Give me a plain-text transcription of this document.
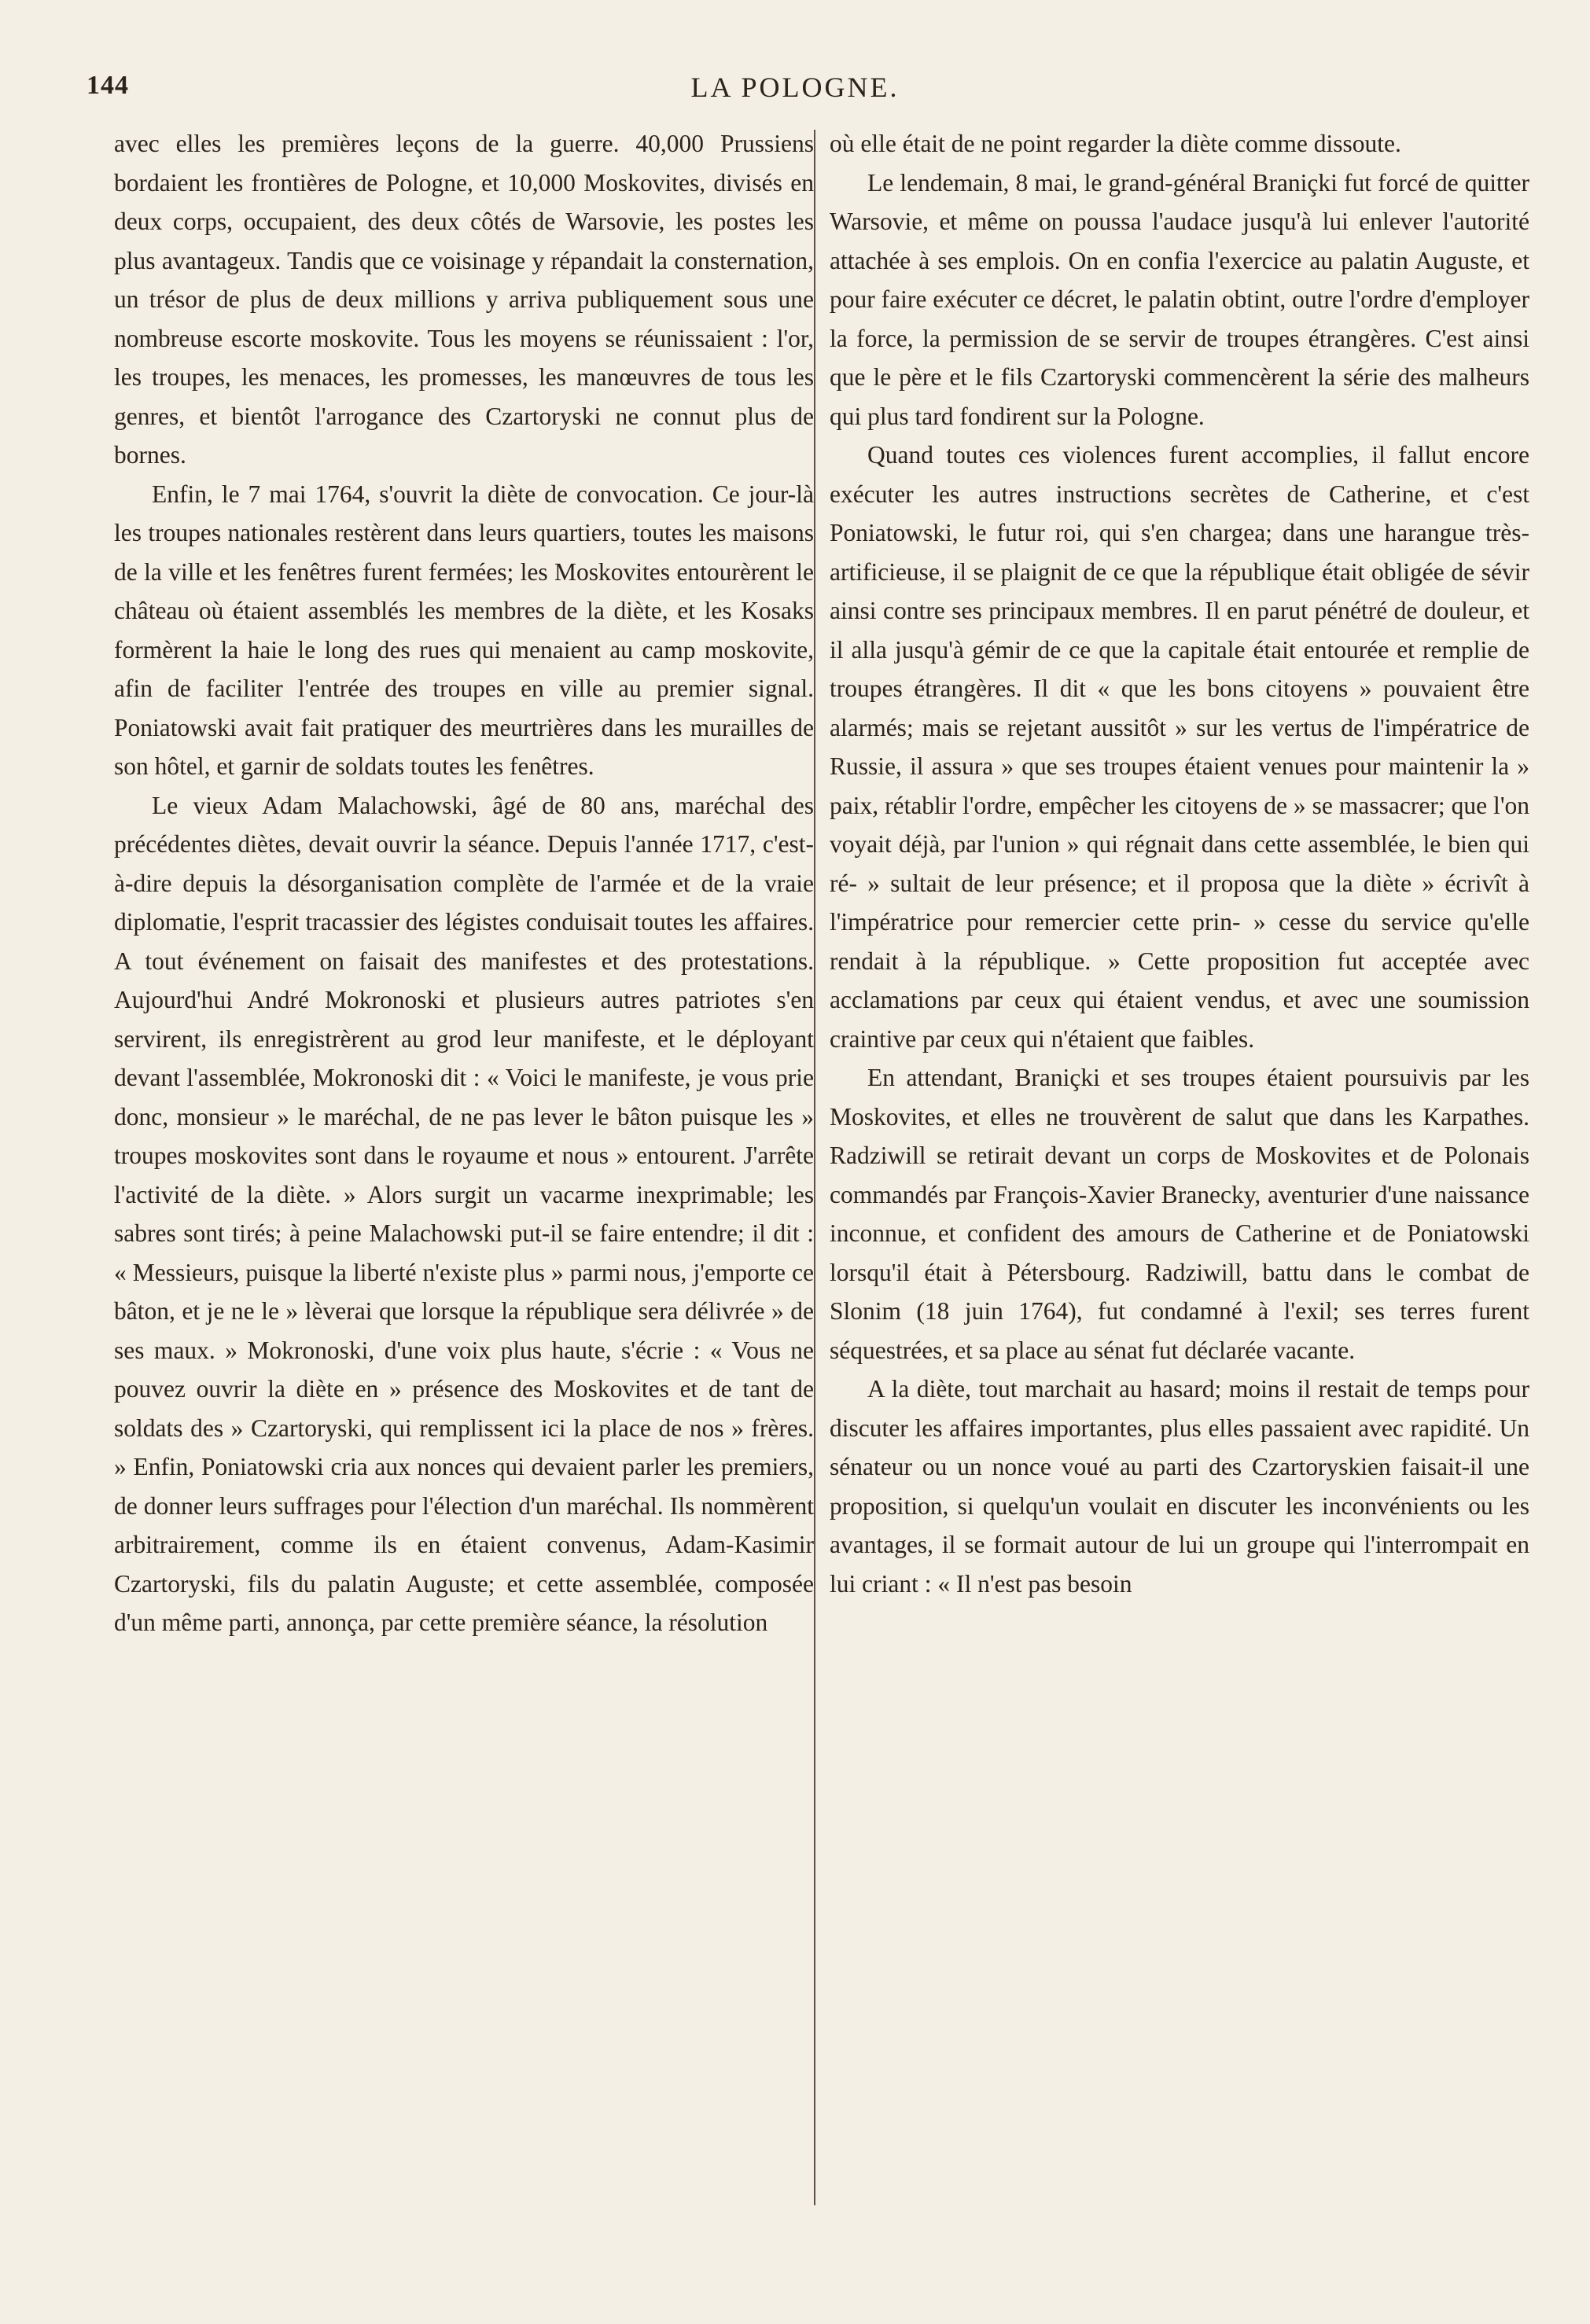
144	LA POLOGNE.

avec elles les premières leçons de la guerre. 40,000 Prussiens bordaient les frontières de Pologne, et 10,000 Moskovites, divisés en deux corps, occupaient, des deux côtés de Warsovie, les postes les plus avantageux. Tandis que ce voisinage y répandait la consternation, un trésor de plus de deux millions y arriva publiquement sous une nombreuse escorte moskovite. Tous les moyens se réunissaient : l'or, les troupes, les menaces, les promesses, les manœuvres de tous les genres, et bientôt l'arrogance des Czartoryski ne connut plus de bornes.

Enfin, le 7 mai 1764, s'ouvrit la diète de convocation. Ce jour-là les troupes nationales restèrent dans leurs quartiers, toutes les maisons de la ville et les fenêtres furent fermées; les Moskovites entourèrent le château où étaient assemblés les membres de la diète, et les Kosaks formèrent la haie le long des rues qui menaient au camp moskovite, afin de faciliter l'entrée des troupes en ville au premier signal. Poniatowski avait fait pratiquer des meurtrières dans les murailles de son hôtel, et garnir de soldats toutes les fenêtres.

Le vieux Adam Malachowski, âgé de 80 ans, maréchal des précédentes diètes, devait ouvrir la séance. Depuis l'année 1717, c'est-à-dire depuis la désorganisation complète de l'armée et de la vraie diplomatie, l'esprit tracassier des légistes conduisait toutes les affaires. A tout événement on faisait des manifestes et des protestations. Aujourd'hui André Mokronoski et plusieurs autres patriotes s'en servirent, ils enregistrèrent au grod leur manifeste, et le déployant devant l'assemblée, Mokronoski dit : « Voici le manifeste, je vous prie donc, monsieur » le maréchal, de ne pas lever le bâton puisque les » troupes moskovites sont dans le royaume et nous » entourent. J'arrête l'activité de la diète. » Alors surgit un vacarme inexprimable; les sabres sont tirés; à peine Malachowski put-il se faire entendre; il dit : « Messieurs, puisque la liberté n'existe plus » parmi nous, j'emporte ce bâton, et je ne le » lèverai que lorsque la république sera délivrée » de ses maux. » Mokronoski, d'une voix plus haute, s'écrie : « Vous ne pouvez ouvrir la diète en » présence des Moskovites et de tant de soldats des » Czartoryski, qui remplissent ici la place de nos » frères. » Enfin, Poniatowski cria aux nonces qui devaient parler les premiers, de donner leurs suffrages pour l'élection d'un maréchal. Ils nommèrent arbitrairement, comme ils en étaient convenus, Adam-Kasimir Czartoryski, fils du palatin Auguste; et cette assemblée, composée d'un même parti, annonça, par cette première séance, la résolution

où elle était de ne point regarder la diète comme dissoute.

Le lendemain, 8 mai, le grand-général Braniçki fut forcé de quitter Warsovie, et même on poussa l'audace jusqu'à lui enlever l'autorité attachée à ses emplois. On en confia l'exercice au palatin Auguste, et pour faire exécuter ce décret, le palatin obtint, outre l'ordre d'employer la force, la permission de se servir de troupes étrangères. C'est ainsi que le père et le fils Czartoryski commencèrent la série des malheurs qui plus tard fondirent sur la Pologne.

Quand toutes ces violences furent accomplies, il fallut encore exécuter les autres instructions secrètes de Catherine, et c'est Poniatowski, le futur roi, qui s'en chargea; dans une harangue très-artificieuse, il se plaignit de ce que la république était obligée de sévir ainsi contre ses principaux membres. Il en parut pénétré de douleur, et il alla jusqu'à gémir de ce que la capitale était entourée et remplie de troupes étrangères. Il dit « que les bons citoyens » pouvaient être alarmés; mais se rejetant aussitôt » sur les vertus de l'impératrice de Russie, il assura » que ses troupes étaient venues pour maintenir la » paix, rétablir l'ordre, empêcher les citoyens de » se massacrer; que l'on voyait déjà, par l'union » qui régnait dans cette assemblée, le bien qui ré- » sultait de leur présence; et il proposa que la diète » écrivît à l'impératrice pour remercier cette prin- » cesse du service qu'elle rendait à la république. » Cette proposition fut acceptée avec acclamations par ceux qui étaient vendus, et avec une soumission craintive par ceux qui n'étaient que faibles.

En attendant, Braniçki et ses troupes étaient poursuivis par les Moskovites, et elles ne trouvèrent de salut que dans les Karpathes. Radziwill se retirait devant un corps de Moskovites et de Polonais commandés par François-Xavier Branecky, aventurier d'une naissance inconnue, et confident des amours de Catherine et de Poniatowski lorsqu'il était à Pétersbourg. Radziwill, battu dans le combat de Slonim (18 juin 1764), fut condamné à l'exil; ses terres furent séquestrées, et sa place au sénat fut déclarée vacante.

A la diète, tout marchait au hasard; moins il restait de temps pour discuter les affaires importantes, plus elles passaient avec rapidité. Un sénateur ou un nonce voué au parti des Czartoryskien faisait-il une proposition, si quelqu'un voulait en discuter les inconvénients ou les avantages, il se formait autour de lui un groupe qui l'interrompait en lui criant : « Il n'est pas besoin
